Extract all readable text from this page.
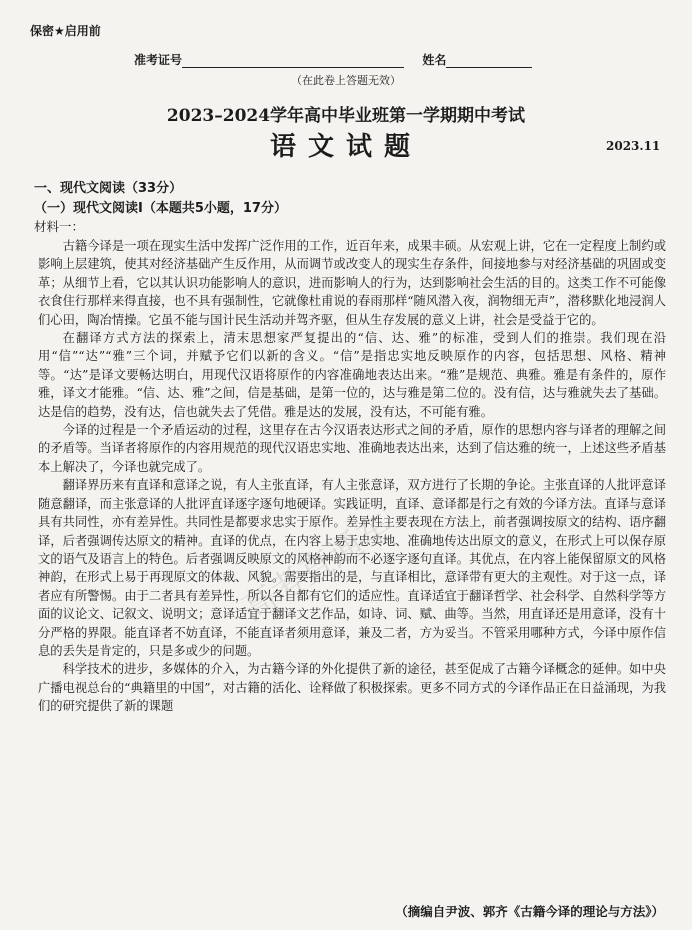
保密★启用前
准考证号	姓名
（在此卷上答题无效）
2023–2024学年高中毕业班第一学期期中考试
语文试题	2023.11
一、现代文阅读（33分）
（一）现代文阅读Ⅰ（本题共5小题，17分）
材料一：

古籍今译是一项在现实生活中发挥广泛作用的工作，近百年来，成果丰硕。从宏观上讲，它在一定程度上制约或影响上层建筑，使其对经济基础产生反作用，从而调节或改变人的现实生存条件，间接地参与对经济基础的巩固或变革；从细节上看，它以其认识功能影响人的意识，进而影响人的行为，达到影响社会生活的目的。这类工作不可能像衣食住行那样来得直接，也不具有强制性，它就像杜甫说的春雨那样“随风潜入夜，润物细无声”，潜移默化地浸润人们心田，陶冶情操。它虽不能与国计民生活动并驾齐驱，但从生存发展的意义上讲，社会是受益于它的。

在翻译方式方法的探索上，清末思想家严复提出的“信、达、雅”的标准，受到人们的推崇。我们现在沿用“信”“达”“雅”三个词，并赋予它们以新的含义。“信”是指忠实地反映原作的内容，包括思想、风格、精神等。“达”是译文要畅达明白，用现代汉语将原作的内容准确地表达出来。“雅”是规范、典雅。雅是有条件的，原作雅，译文才能雅。“信、达、雅”之间，信是基础，是第一位的，达与雅是第二位的。没有信，达与雅就失去了基础。达是信的趋势，没有达，信也就失去了凭借。雅是达的发展，没有达，不可能有雅。

今译的过程是一个矛盾运动的过程，这里存在古今汉语表达形式之间的矛盾，原作的思想内容与译者的理解之间的矛盾等。当译者将原作的内容用规范的现代汉语忠实地、准确地表达出来，达到了信达雅的统一，上述这些矛盾基本上解决了，今译也就完成了。

翻译界历来有直译和意译之说，有人主张直译，有人主张意译，双方进行了长期的争论。主张直译的人批评意译随意翻译，而主张意译的人批评直译逐字逐句地硬译。实践证明，直译、意译都是行之有效的今译方法。直译与意译具有共同性，亦有差异性。共同性是都要求忠实于原作。差异性主要表现在方法上，前者强调按原文的结构、语序翻译，后者强调传达原文的精神。直译的优点，在内容上易于忠实地、准确地传达出原文的意义，在形式上可以保存原文的语气及语言上的特色。后者强调反映原文的风格神韵而不必逐字逐句直译。其优点，在内容上能保留原文的风格神韵，在形式上易于再现原文的体裁、风貌。需要指出的是，与直译相比，意译带有更大的主观性。对于这一点，译者应有所警惕。由于二者具有差异性，所以各自都有它们的适应性。直译适宜于翻译哲学、社会科学、自然科学等方面的议论文、记叙文、说明文；意译适宜于翻译文艺作品，如诗、词、赋、曲等。当然，用直译还是用意译，没有十分严格的界限。能直译者不妨直译，不能直译者须用意译，兼及二者，方为妥当。不管采用哪种方式，今译中原作信息的丢失是肯定的，只是多或少的问题。

科学技术的进步，多媒体的介入，为古籍今译的外化提供了新的途径，甚至促成了古籍今译概念的延伸。如中央广播电视总台的“典籍里的中国”，对古籍的活化、诠释做了积极探索。更多不同方式的今译作品正在日益涌现，为我们的研究提供了新的课题

（摘编自尹波、郭齐《古籍今译的理论与方法》）
高考直通车
